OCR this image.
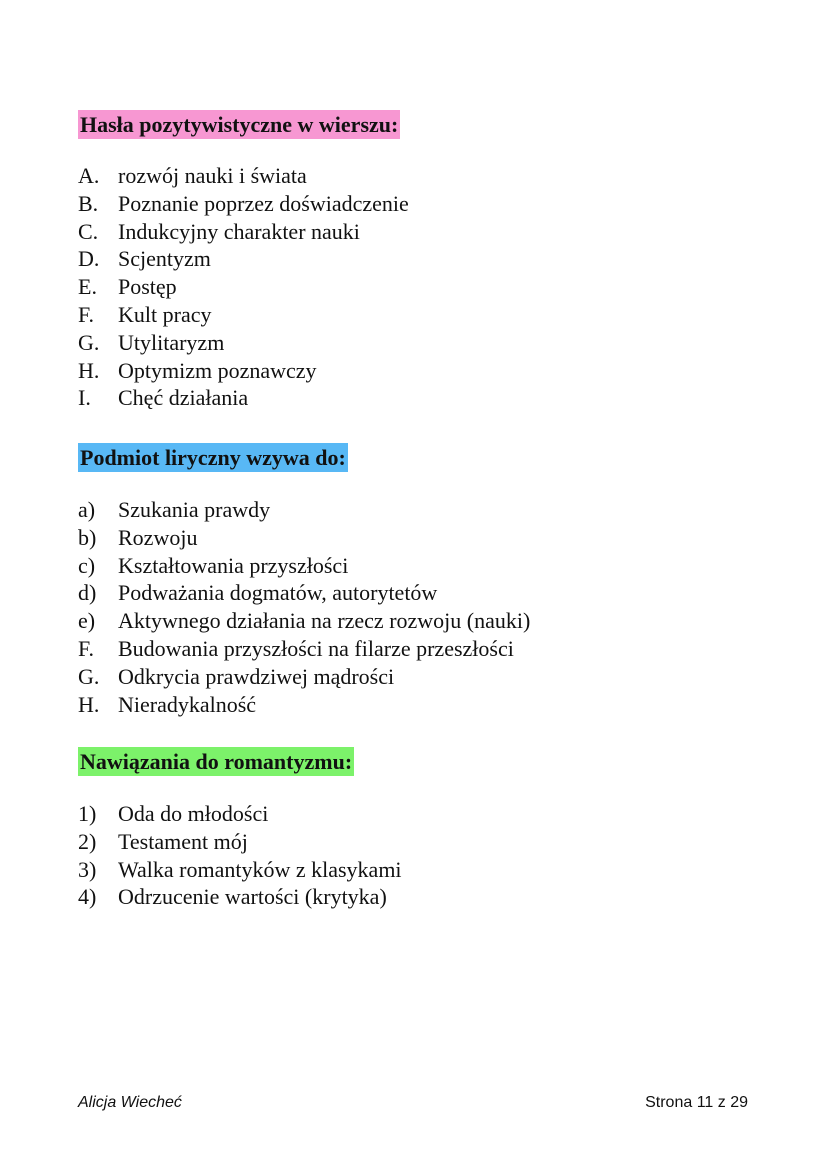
Hasła pozytywistyczne w wierszu:
A. rozwój nauki i świata
B. Poznanie poprzez doświadczenie
C. Indukcyjny charakter nauki
D. Scjentyzm
E. Postęp
F.	Kult pracy
G. Utylitaryzm
H. Optymizm poznawczy
I.	Chęć działania
Podmiot liryczny wzywa do:
a)	Szukania prawdy
b) Rozwoju
c)	Kształtowania przyszłości
d) Podważania dogmatów, autorytetów
e)	Aktywnego działania na rzecz rozwoju (nauki)
F.	Budowania przyszłości na filarze przeszłości
G. Odkrycia prawdziwej mądrości
H. Nieradykalność
Nawiązania do romantyzmu:
1) Oda do młodości
2) Testament mój
3) Walka romantyków z klasykami
4) Odrzucenie wartości (krytyka)
Alicja Wiecheć	Strona 11 z 29
